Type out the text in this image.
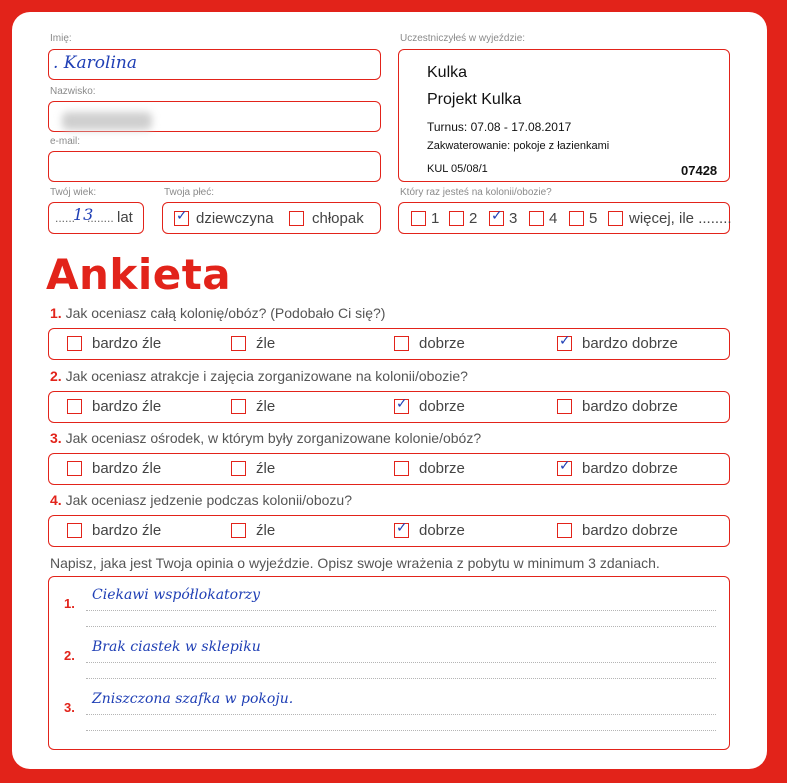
Imię:
. Karolina
Nazwisko:
e-mail:
Twój wiek:
......
13
........ lat
Twoja płeć:
✓ dziewczyna	chłopak
Uczestniczyłeś w wyjeździe:
Kulka
Projekt Kulka
Turnus: 07.08 - 17.08.2017
Zakwaterowanie: pokoje z łazienkami
KUL 05/08/1	07428
Który raz jesteś na kolonii/obozie?
1 2 ✓ 3 4 5 więcej, ile ........
Ankieta
1. Jak oceniasz całą kolonię/obóz? (Podobało Ci się?)
bardzo źle	źle	dobrze	✓ bardzo dobrze
2. Jak oceniasz atrakcje i zajęcia zorganizowane na kolonii/obozie?
bardzo źle	źle	✓ dobrze	bardzo dobrze
3. Jak oceniasz ośrodek, w którym były zorganizowane kolonie/obóz?
bardzo źle	źle	dobrze	✓ bardzo dobrze
4. Jak oceniasz jedzenie podczas kolonii/obozu?
bardzo źle	źle	✓ dobrze	bardzo dobrze
Napisz, jaka jest Twoja opinia o wyjeździe. Opisz swoje wrażenia z pobytu w minimum 3 zdaniach.
1.
Ciekawi współlokatorzy
2.
Brak ciastek w sklepiku
3.
Zniszczona szafka w pokoju.
